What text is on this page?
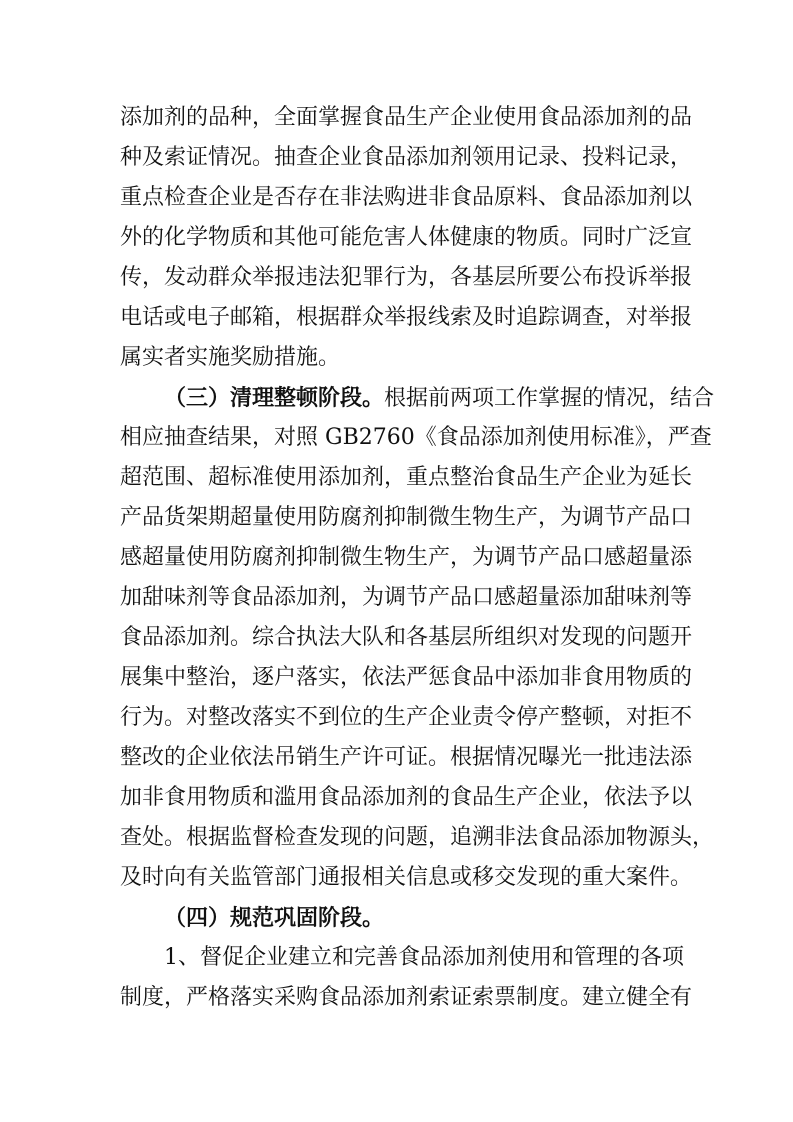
添加剂的品种，全面掌握食品生产企业使用食品添加剂的品
种及索证情况。抽查企业食品添加剂领用记录、投料记录，
重点检查企业是否存在非法购进非食品原料、食品添加剂以
外的化学物质和其他可能危害人体健康的物质。同时广泛宣
传，发动群众举报违法犯罪行为，各基层所要公布投诉举报
电话或电子邮箱，根据群众举报线索及时追踪调查，对举报
属实者实施奖励措施。
（三）清理整顿阶段。根据前两项工作掌握的情况，结合
相应抽查结果，对照 GB2760《食品添加剂使用标准》，严查
超范围、超标准使用添加剂，重点整治食品生产企业为延长
产品货架期超量使用防腐剂抑制微生物生产，为调节产品口
感超量使用防腐剂抑制微生物生产，为调节产品口感超量添
加甜味剂等食品添加剂，为调节产品口感超量添加甜味剂等
食品添加剂。综合执法大队和各基层所组织对发现的问题开
展集中整治，逐户落实，依法严惩食品中添加非食用物质的
行为。对整改落实不到位的生产企业责令停产整顿，对拒不
整改的企业依法吊销生产许可证。根据情况曝光一批违法添
加非食用物质和滥用食品添加剂的食品生产企业，依法予以
查处。根据监督检查发现的问题，追溯非法食品添加物源头，
及时向有关监管部门通报相关信息或移交发现的重大案件。
（四）规范巩固阶段。
1、督促企业建立和完善食品添加剂使用和管理的各项
制度，严格落实采购食品添加剂索证索票制度。建立健全有
